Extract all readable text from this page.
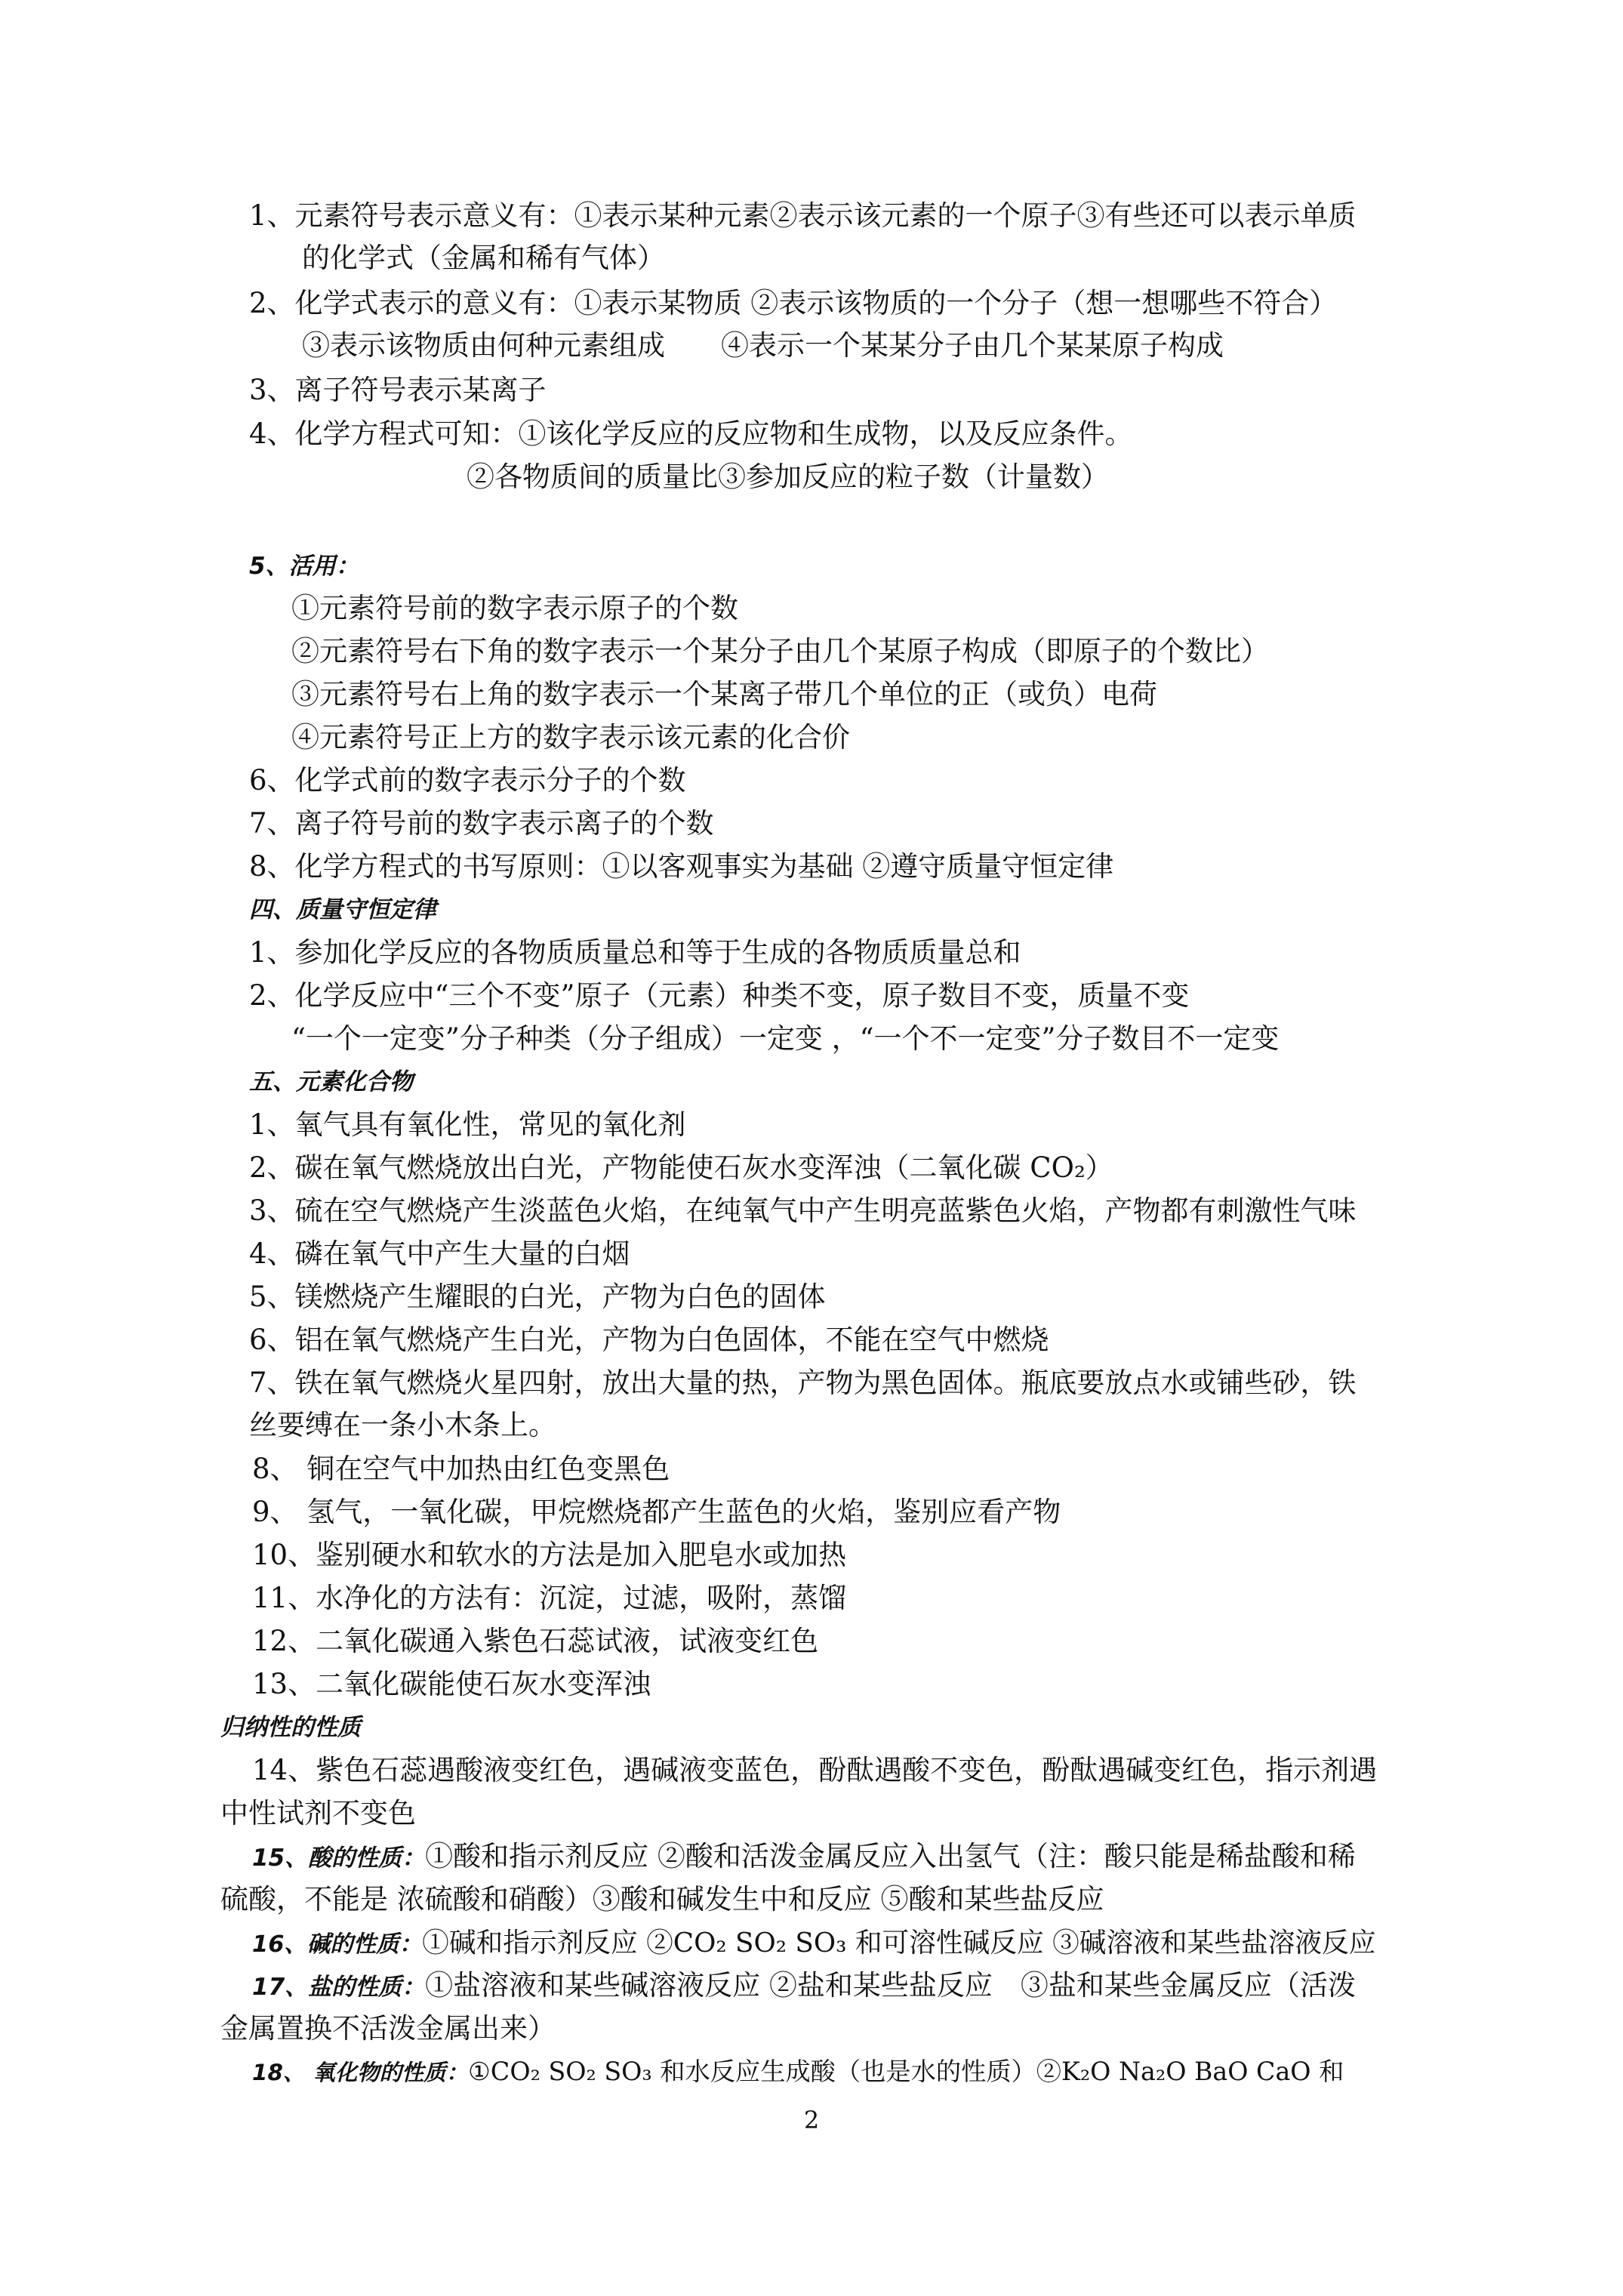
1、元素符号表示意义有：①表示某种元素②表示该元素的一个原子③有些还可以表示单质
的化学式（金属和稀有气体）
2、化学式表示的意义有：①表示某物质 ②表示该物质的一个分子（想一想哪些不符合）
③表示该物质由何种元素组成　　④表示一个某某分子由几个某某原子构成
3、离子符号表示某离子
4、化学方程式可知：①该化学反应的反应物和生成物，以及反应条件。
②各物质间的质量比③参加反应的粒子数（计量数）
5、活用：
①元素符号前的数字表示原子的个数
②元素符号右下角的数字表示一个某分子由几个某原子构成（即原子的个数比）
③元素符号右上角的数字表示一个某离子带几个单位的正（或负）电荷
④元素符号正上方的数字表示该元素的化合价
6、化学式前的数字表示分子的个数
7、离子符号前的数字表示离子的个数
8、化学方程式的书写原则：①以客观事实为基础 ②遵守质量守恒定律
四、质量守恒定律
1、参加化学反应的各物质质量总和等于生成的各物质质量总和
2、化学反应中“三个不变”原子（元素）种类不变，原子数目不变，质量不变
“一个一定变”分子种类（分子组成）一定变 ，“一个不一定变”分子数目不一定变
五、元素化合物
1、氧气具有氧化性，常见的氧化剂
2、碳在氧气燃烧放出白光，产物能使石灰水变浑浊（二氧化碳 CO₂）
3、硫在空气燃烧产生淡蓝色火焰，在纯氧气中产生明亮蓝紫色火焰，产物都有刺激性气味
4、磷在氧气中产生大量的白烟
5、镁燃烧产生耀眼的白光，产物为白色的固体
6、铝在氧气燃烧产生白光，产物为白色固体，不能在空气中燃烧
7、铁在氧气燃烧火星四射，放出大量的热，产物为黑色固体。瓶底要放点水或铺些砂，铁
丝要缚在一条小木条上。
8、 铜在空气中加热由红色变黑色
9、 氢气，一氧化碳，甲烷燃烧都产生蓝色的火焰，鉴别应看产物
10、鉴别硬水和软水的方法是加入肥皂水或加热
11、水净化的方法有：沉淀，过滤，吸附，蒸馏
12、二氧化碳通入紫色石蕊试液，试液变红色
13、二氧化碳能使石灰水变浑浊
归纳性的性质
14、紫色石蕊遇酸液变红色，遇碱液变蓝色，酚酞遇酸不变色，酚酞遇碱变红色，指示剂遇
中性试剂不变色
15、酸的性质：①酸和指示剂反应 ②酸和活泼金属反应入出氢气（注：酸只能是稀盐酸和稀
硫酸，不能是 浓硫酸和硝酸）③酸和碱发生中和反应 ⑤酸和某些盐反应
16、碱的性质：①碱和指示剂反应 ②CO₂ SO₂ SO₃ 和可溶性碱反应 ③碱溶液和某些盐溶液反应
17、盐的性质：①盐溶液和某些碱溶液反应 ②盐和某些盐反应　③盐和某些金属反应（活泼
金属置换不活泼金属出来）
18、 氧化物的性质：①CO₂ SO₂ SO₃ 和水反应生成酸（也是水的性质）②K₂O Na₂O BaO CaO 和
2
